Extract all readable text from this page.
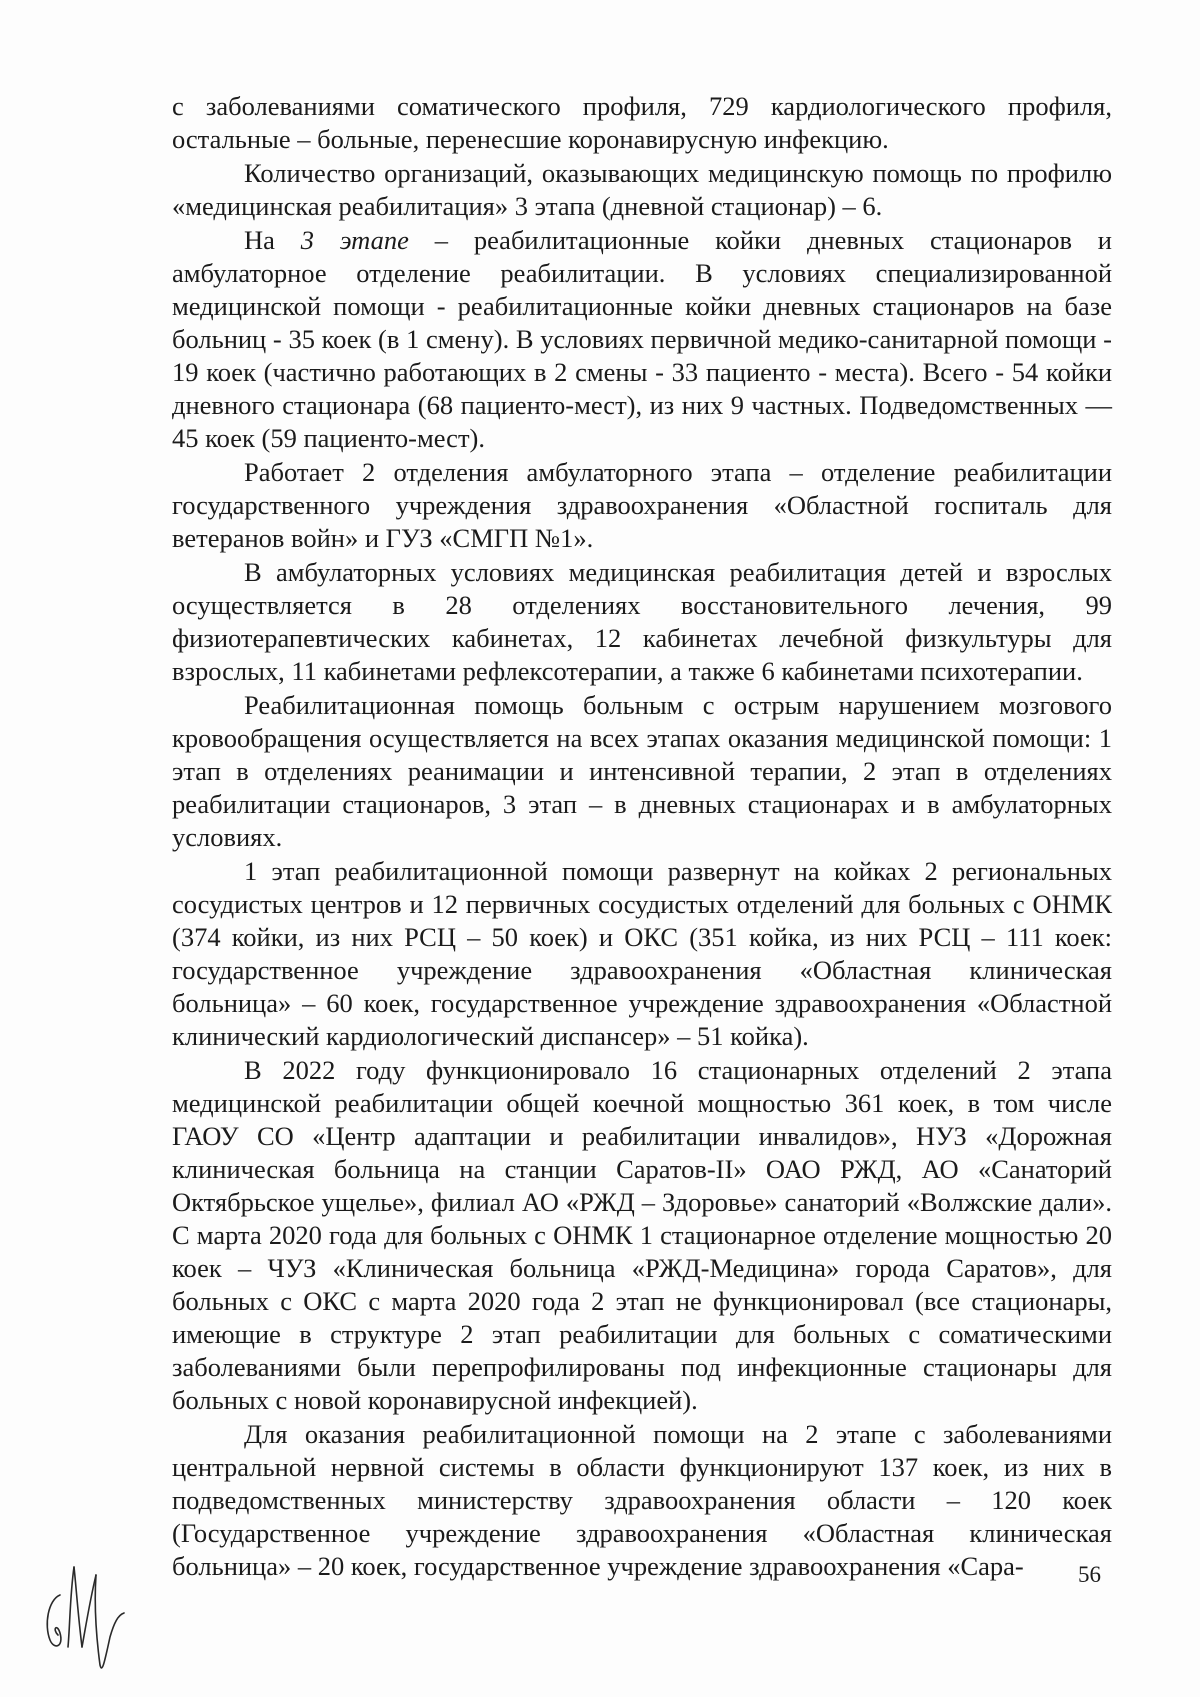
с заболеваниями соматического профиля, 729 кардиологического профиля, остальные – больные, перенесшие коронавирусную инфекцию.

Количество организаций, оказывающих медицинскую помощь по профилю «медицинская реабилитация» 3 этапа (дневной стационар) – 6.

На 3 этапе – реабилитационные койки дневных стационаров и амбулаторное отделение реабилитации. В условиях специализированной медицинской помощи - реабилитационные койки дневных стационаров на базе больниц - 35 коек (в 1 смену). В условиях первичной медико-санитарной помощи - 19 коек (частично работающих в 2 смены - 33 пациенто - места). Всего - 54 койки дневного стационара (68 пациенто-мест), из них 9 частных. Подведомственных — 45 коек (59 пациенто-мест).

Работает 2 отделения амбулаторного этапа – отделение реабилитации государственного учреждения здравоохранения «Областной госпиталь для ветеранов войн» и ГУЗ «СМГП №1».

В амбулаторных условиях медицинская реабилитация детей и взрослых осуществляется в 28 отделениях восстановительного лечения, 99 физиотерапевтических кабинетах, 12 кабинетах лечебной физкультуры для взрослых, 11 кабинетами рефлексотерапии, а также 6 кабинетами психотерапии.

Реабилитационная помощь больным с острым нарушением мозгового кровообращения осуществляется на всех этапах оказания медицинской помощи: 1 этап в отделениях реанимации и интенсивной терапии, 2 этап в отделениях реабилитации стационаров, 3 этап – в дневных стационарах и в амбулаторных условиях.

1 этап реабилитационной помощи развернут на койках 2 региональных сосудистых центров и 12 первичных сосудистых отделений для больных с ОНМК (374 койки, из них РСЦ – 50 коек) и ОКС (351 койка, из них РСЦ – 111 коек: государственное учреждение здравоохранения «Областная клиническая больница» – 60 коек, государственное учреждение здравоохранения «Областной клинический кардиологический диспансер» – 51 койка).

В 2022 году функционировало 16 стационарных отделений 2 этапа медицинской реабилитации общей коечной мощностью 361 коек, в том числе ГАОУ СО «Центр адаптации и реабилитации инвалидов», НУЗ «Дорожная клиническая больница на станции Саратов-II» ОАО РЖД, АО «Санаторий Октябрьское ущелье», филиал АО «РЖД – Здоровье» санаторий «Волжские дали». С марта 2020 года для больных с ОНМК 1 стационарное отделение мощностью 20 коек – ЧУЗ «Клиническая больница «РЖД-Медицина» города Саратов», для больных с ОКС с марта 2020 года 2 этап не функционировал (все стационары, имеющие в структуре 2 этап реабилитации для больных с соматическими заболеваниями были перепрофилированы под инфекционные стационары для больных с новой коронавирусной инфекцией).

Для оказания реабилитационной помощи на 2 этапе с заболеваниями центральной нервной системы в области функционируют 137 коек, из них в подведомственных министерству здравоохранения области – 120 коек (Государственное учреждение здравоохранения «Областная клиническая больница» – 20 коек, государственное учреждение здравоохранения «Сара-	56
